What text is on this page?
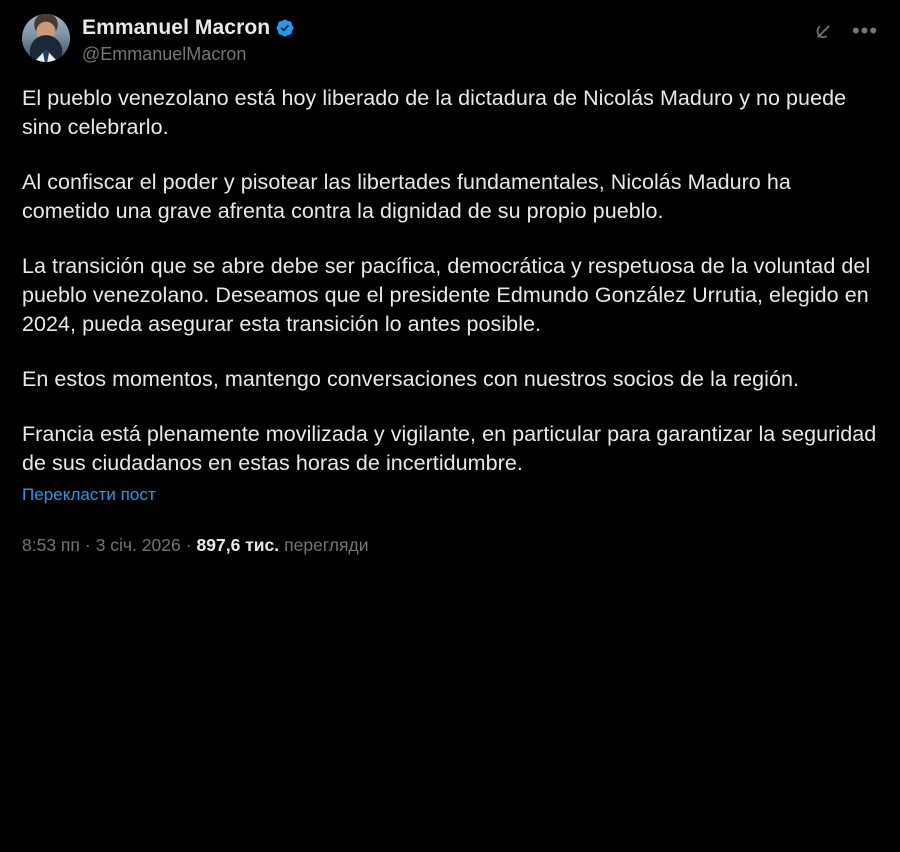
Emmanuel Macron
@EmmanuelMacron
•••

El pueblo venezolano está hoy liberado de la dictadura de Nicolás Maduro y no puede sino celebrarlo.

Al confiscar el poder y pisotear las libertades fundamentales, Nicolás Maduro ha cometido una grave afrenta contra la dignidad de su propio pueblo.

La transición que se abre debe ser pacífica, democrática y respetuosa de la voluntad del pueblo venezolano. Deseamos que el presidente Edmundo González Urrutia, elegido en 2024, pueda asegurar esta transición lo antes posible.

En estos momentos, mantengo conversaciones con nuestros socios de la región.

Francia está plenamente movilizada y vigilante, en particular para garantizar la seguridad de sus ciudadanos en estas horas de incertidumbre.

Перекласти пост
8:53 пп · 3 січ. 2026 · 897,6 тис. перегляди
